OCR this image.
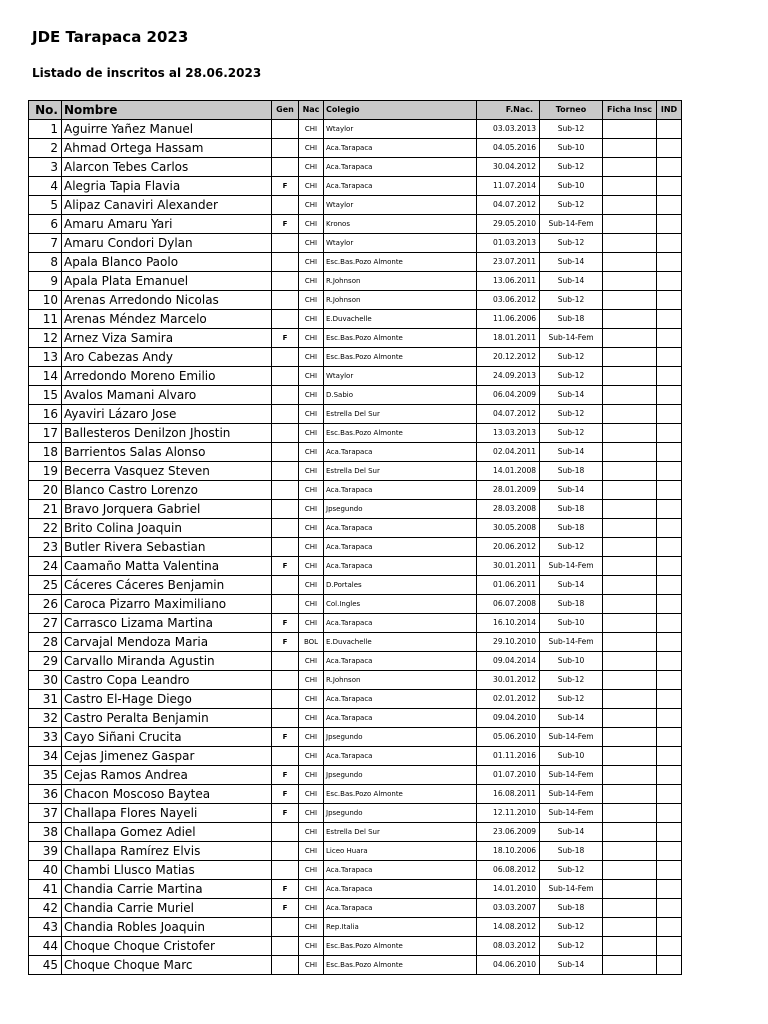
JDE Tarapaca 2023
Listado de inscritos al 28.06.2023
No.	Nombre	Gen	Nac	Colegio	F.Nac.	Torneo	Ficha Insc	IND
1	Aguirre Yañez Manuel		CHI	Wtaylor	03.03.2013	Sub-12		
2	Ahmad Ortega Hassam		CHI	Aca.Tarapaca	04.05.2016	Sub-10		
3	Alarcon Tebes Carlos		CHI	Aca.Tarapaca	30.04.2012	Sub-12		
4	Alegria Tapia Flavia	F	CHI	Aca.Tarapaca	11.07.2014	Sub-10		
5	Alipaz Canaviri Alexander		CHI	Wtaylor	04.07.2012	Sub-12		
6	Amaru Amaru Yari	F	CHI	Kronos	29.05.2010	Sub-14-Fem		
7	Amaru Condori Dylan		CHI	Wtaylor	01.03.2013	Sub-12		
8	Apala Blanco Paolo		CHI	Esc.Bas.Pozo Almonte	23.07.2011	Sub-14		
9	Apala Plata Emanuel		CHI	R.Johnson	13.06.2011	Sub-14		
10	Arenas Arredondo Nicolas		CHI	R.Johnson	03.06.2012	Sub-12		
11	Arenas Méndez Marcelo		CHI	E.Duvachelle	11.06.2006	Sub-18		
12	Arnez Viza Samira	F	CHI	Esc.Bas.Pozo Almonte	18.01.2011	Sub-14-Fem		
13	Aro Cabezas Andy		CHI	Esc.Bas.Pozo Almonte	20.12.2012	Sub-12		
14	Arredondo Moreno Emilio		CHI	Wtaylor	24.09.2013	Sub-12		
15	Avalos Mamani Alvaro		CHI	D.Sabio	06.04.2009	Sub-14		
16	Ayaviri Lázaro Jose		CHI	Estrella Del Sur	04.07.2012	Sub-12		
17	Ballesteros Denilzon Jhostin		CHI	Esc.Bas.Pozo Almonte	13.03.2013	Sub-12		
18	Barrientos Salas Alonso		CHI	Aca.Tarapaca	02.04.2011	Sub-14		
19	Becerra Vasquez Steven		CHI	Estrella Del Sur	14.01.2008	Sub-18		
20	Blanco Castro Lorenzo		CHI	Aca.Tarapaca	28.01.2009	Sub-14		
21	Bravo Jorquera Gabriel		CHI	Jpsegundo	28.03.2008	Sub-18		
22	Brito Colina Joaquin		CHI	Aca.Tarapaca	30.05.2008	Sub-18		
23	Butler Rivera Sebastian		CHI	Aca.Tarapaca	20.06.2012	Sub-12		
24	Caamaño Matta Valentina	F	CHI	Aca.Tarapaca	30.01.2011	Sub-14-Fem		
25	Cáceres Cáceres Benjamin		CHI	D.Portales	01.06.2011	Sub-14		
26	Caroca Pizarro Maximiliano		CHI	Col.Ingles	06.07.2008	Sub-18		
27	Carrasco Lizama Martina	F	CHI	Aca.Tarapaca	16.10.2014	Sub-10		
28	Carvajal Mendoza Maria	F	BOL	E.Duvachelle	29.10.2010	Sub-14-Fem		
29	Carvallo Miranda Agustin		CHI	Aca.Tarapaca	09.04.2014	Sub-10		
30	Castro Copa Leandro		CHI	R.Johnson	30.01.2012	Sub-12		
31	Castro El-Hage Diego		CHI	Aca.Tarapaca	02.01.2012	Sub-12		
32	Castro Peralta Benjamin		CHI	Aca.Tarapaca	09.04.2010	Sub-14		
33	Cayo Siñani Crucita	F	CHI	Jpsegundo	05.06.2010	Sub-14-Fem		
34	Cejas Jimenez Gaspar		CHI	Aca.Tarapaca	01.11.2016	Sub-10		
35	Cejas Ramos Andrea	F	CHI	Jpsegundo	01.07.2010	Sub-14-Fem		
36	Chacon Moscoso Baytea	F	CHI	Esc.Bas.Pozo Almonte	16.08.2011	Sub-14-Fem		
37	Challapa Flores Nayeli	F	CHI	Jpsegundo	12.11.2010	Sub-14-Fem		
38	Challapa Gomez Adiel		CHI	Estrella Del Sur	23.06.2009	Sub-14		
39	Challapa Ramírez Elvis		CHI	Liceo Huara	18.10.2006	Sub-18		
40	Chambi Llusco Matias		CHI	Aca.Tarapaca	06.08.2012	Sub-12		
41	Chandia Carrie Martina	F	CHI	Aca.Tarapaca	14.01.2010	Sub-14-Fem		
42	Chandia Carrie Muriel	F	CHI	Aca.Tarapaca	03.03.2007	Sub-18		
43	Chandia Robles Joaquin		CHI	Rep.Italia	14.08.2012	Sub-12		
44	Choque Choque Cristofer		CHI	Esc.Bas.Pozo Almonte	08.03.2012	Sub-12		
45	Choque Choque Marc		CHI	Esc.Bas.Pozo Almonte	04.06.2010	Sub-14		
